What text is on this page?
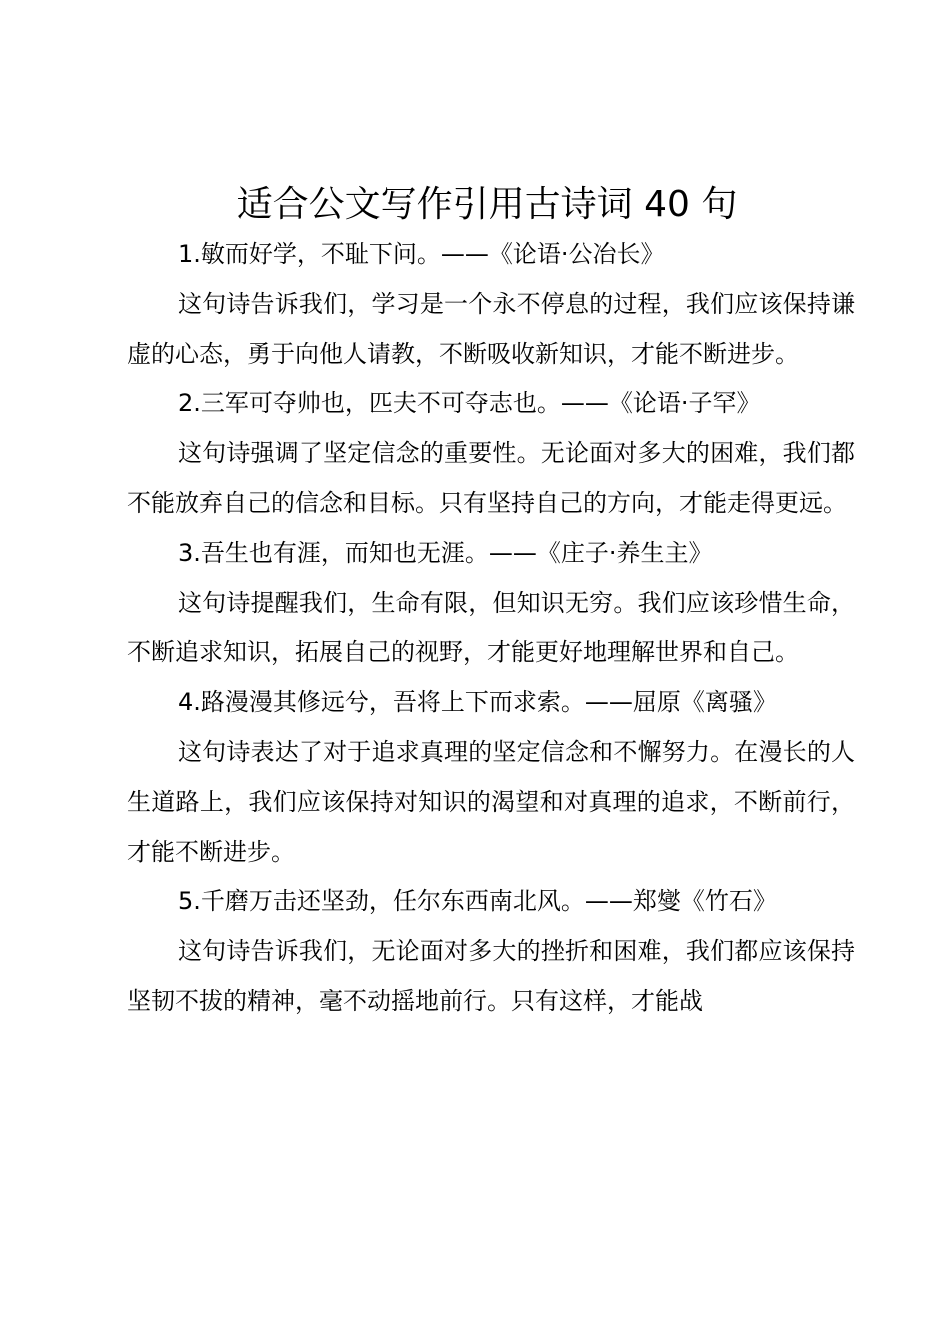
适合公文写作引用古诗词 40 句

1.敏而好学，不耻下问。——《论语·公冶长》

这句诗告诉我们，学习是一个永不停息的过程，我们应该保持谦虚的心态，勇于向他人请教，不断吸收新知识，才能不断进步。

2.三军可夺帅也，匹夫不可夺志也。——《论语·子罕》

这句诗强调了坚定信念的重要性。无论面对多大的困难，我们都不能放弃自己的信念和目标。只有坚持自己的方向，才能走得更远。

3.吾生也有涯，而知也无涯。——《庄子·养生主》

这句诗提醒我们，生命有限，但知识无穷。我们应该珍惜生命，不断追求知识，拓展自己的视野，才能更好地理解世界和自己。

4.路漫漫其修远兮，吾将上下而求索。——屈原《离骚》

这句诗表达了对于追求真理的坚定信念和不懈努力。在漫长的人生道路上，我们应该保持对知识的渴望和对真理的追求，不断前行，才能不断进步。

5.千磨万击还坚劲，任尔东西南北风。——郑燮《竹石》

这句诗告诉我们，无论面对多大的挫折和困难，我们都应该保持坚韧不拔的精神，毫不动摇地前行。只有这样，才能战
